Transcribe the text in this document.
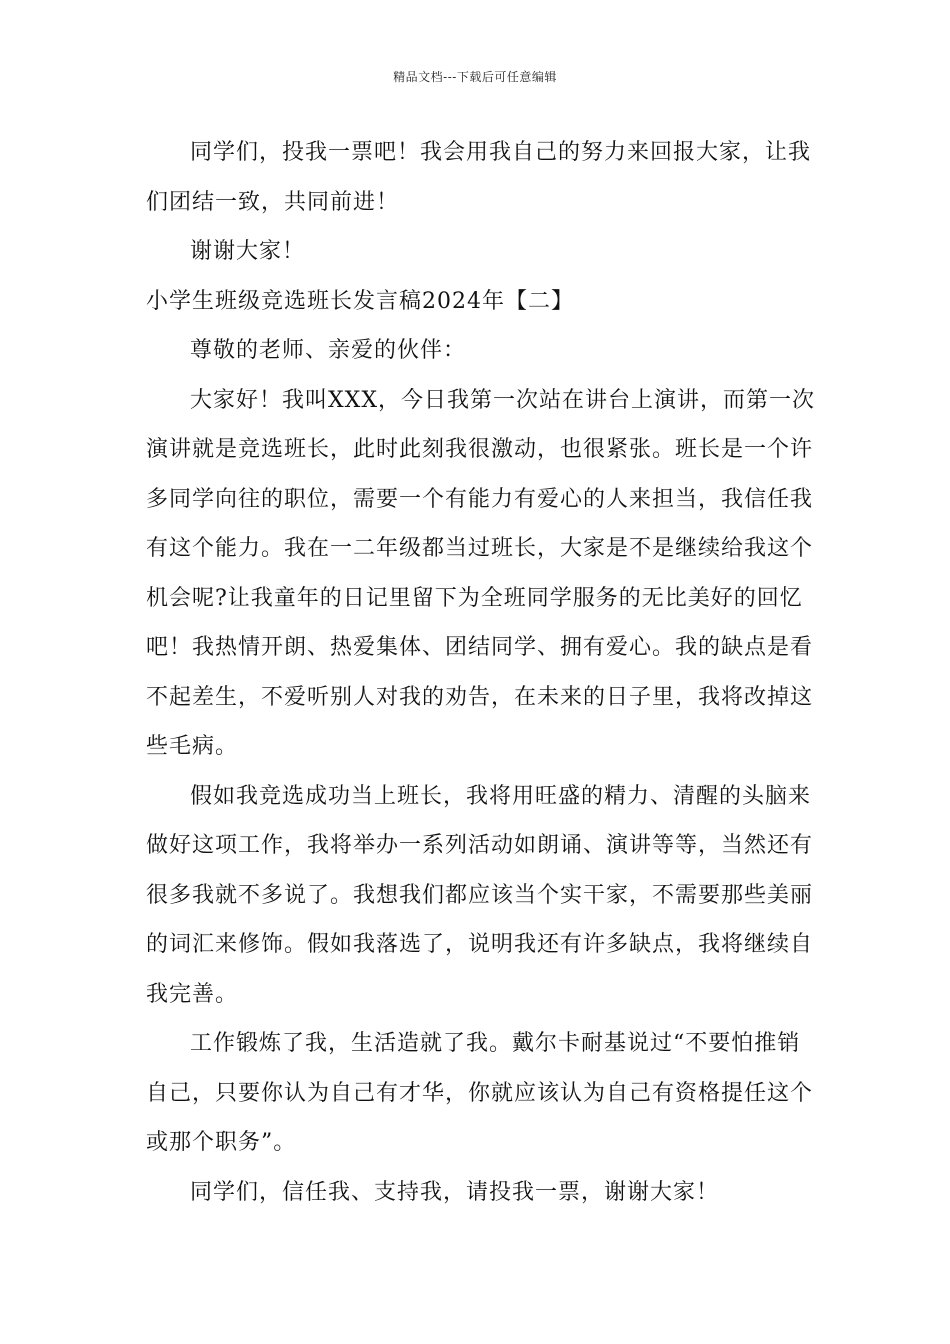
精品文档---下载后可任意编辑

同学们，投我一票吧！我会用我自己的努力来回报大家，让我们团结一致，共同前进！

谢谢大家！

小学生班级竞选班长发言稿2024年【二】

尊敬的老师、亲爱的伙伴：

大家好！我叫XXX，今日我第一次站在讲台上演讲，而第一次演讲就是竞选班长，此时此刻我很激动，也很紧张。班长是一个许多同学向往的职位，需要一个有能力有爱心的人来担当，我信任我有这个能力。我在一二年级都当过班长，大家是不是继续给我这个机会呢?让我童年的日记里留下为全班同学服务的无比美好的回忆吧！我热情开朗、热爱集体、团结同学、拥有爱心。我的缺点是看不起差生，不爱听别人对我的劝告，在未来的日子里，我将改掉这些毛病。

假如我竞选成功当上班长，我将用旺盛的精力、清醒的头脑来做好这项工作，我将举办一系列活动如朗诵、演讲等等，当然还有很多我就不多说了。我想我们都应该当个实干家，不需要那些美丽的词汇来修饰。假如我落选了，说明我还有许多缺点，我将继续自我完善。

工作锻炼了我，生活造就了我。戴尔卡耐基说过“不要怕推销自己，只要你认为自己有才华，你就应该认为自己有资格提任这个或那个职务”。

同学们，信任我、支持我，请投我一票，谢谢大家！
